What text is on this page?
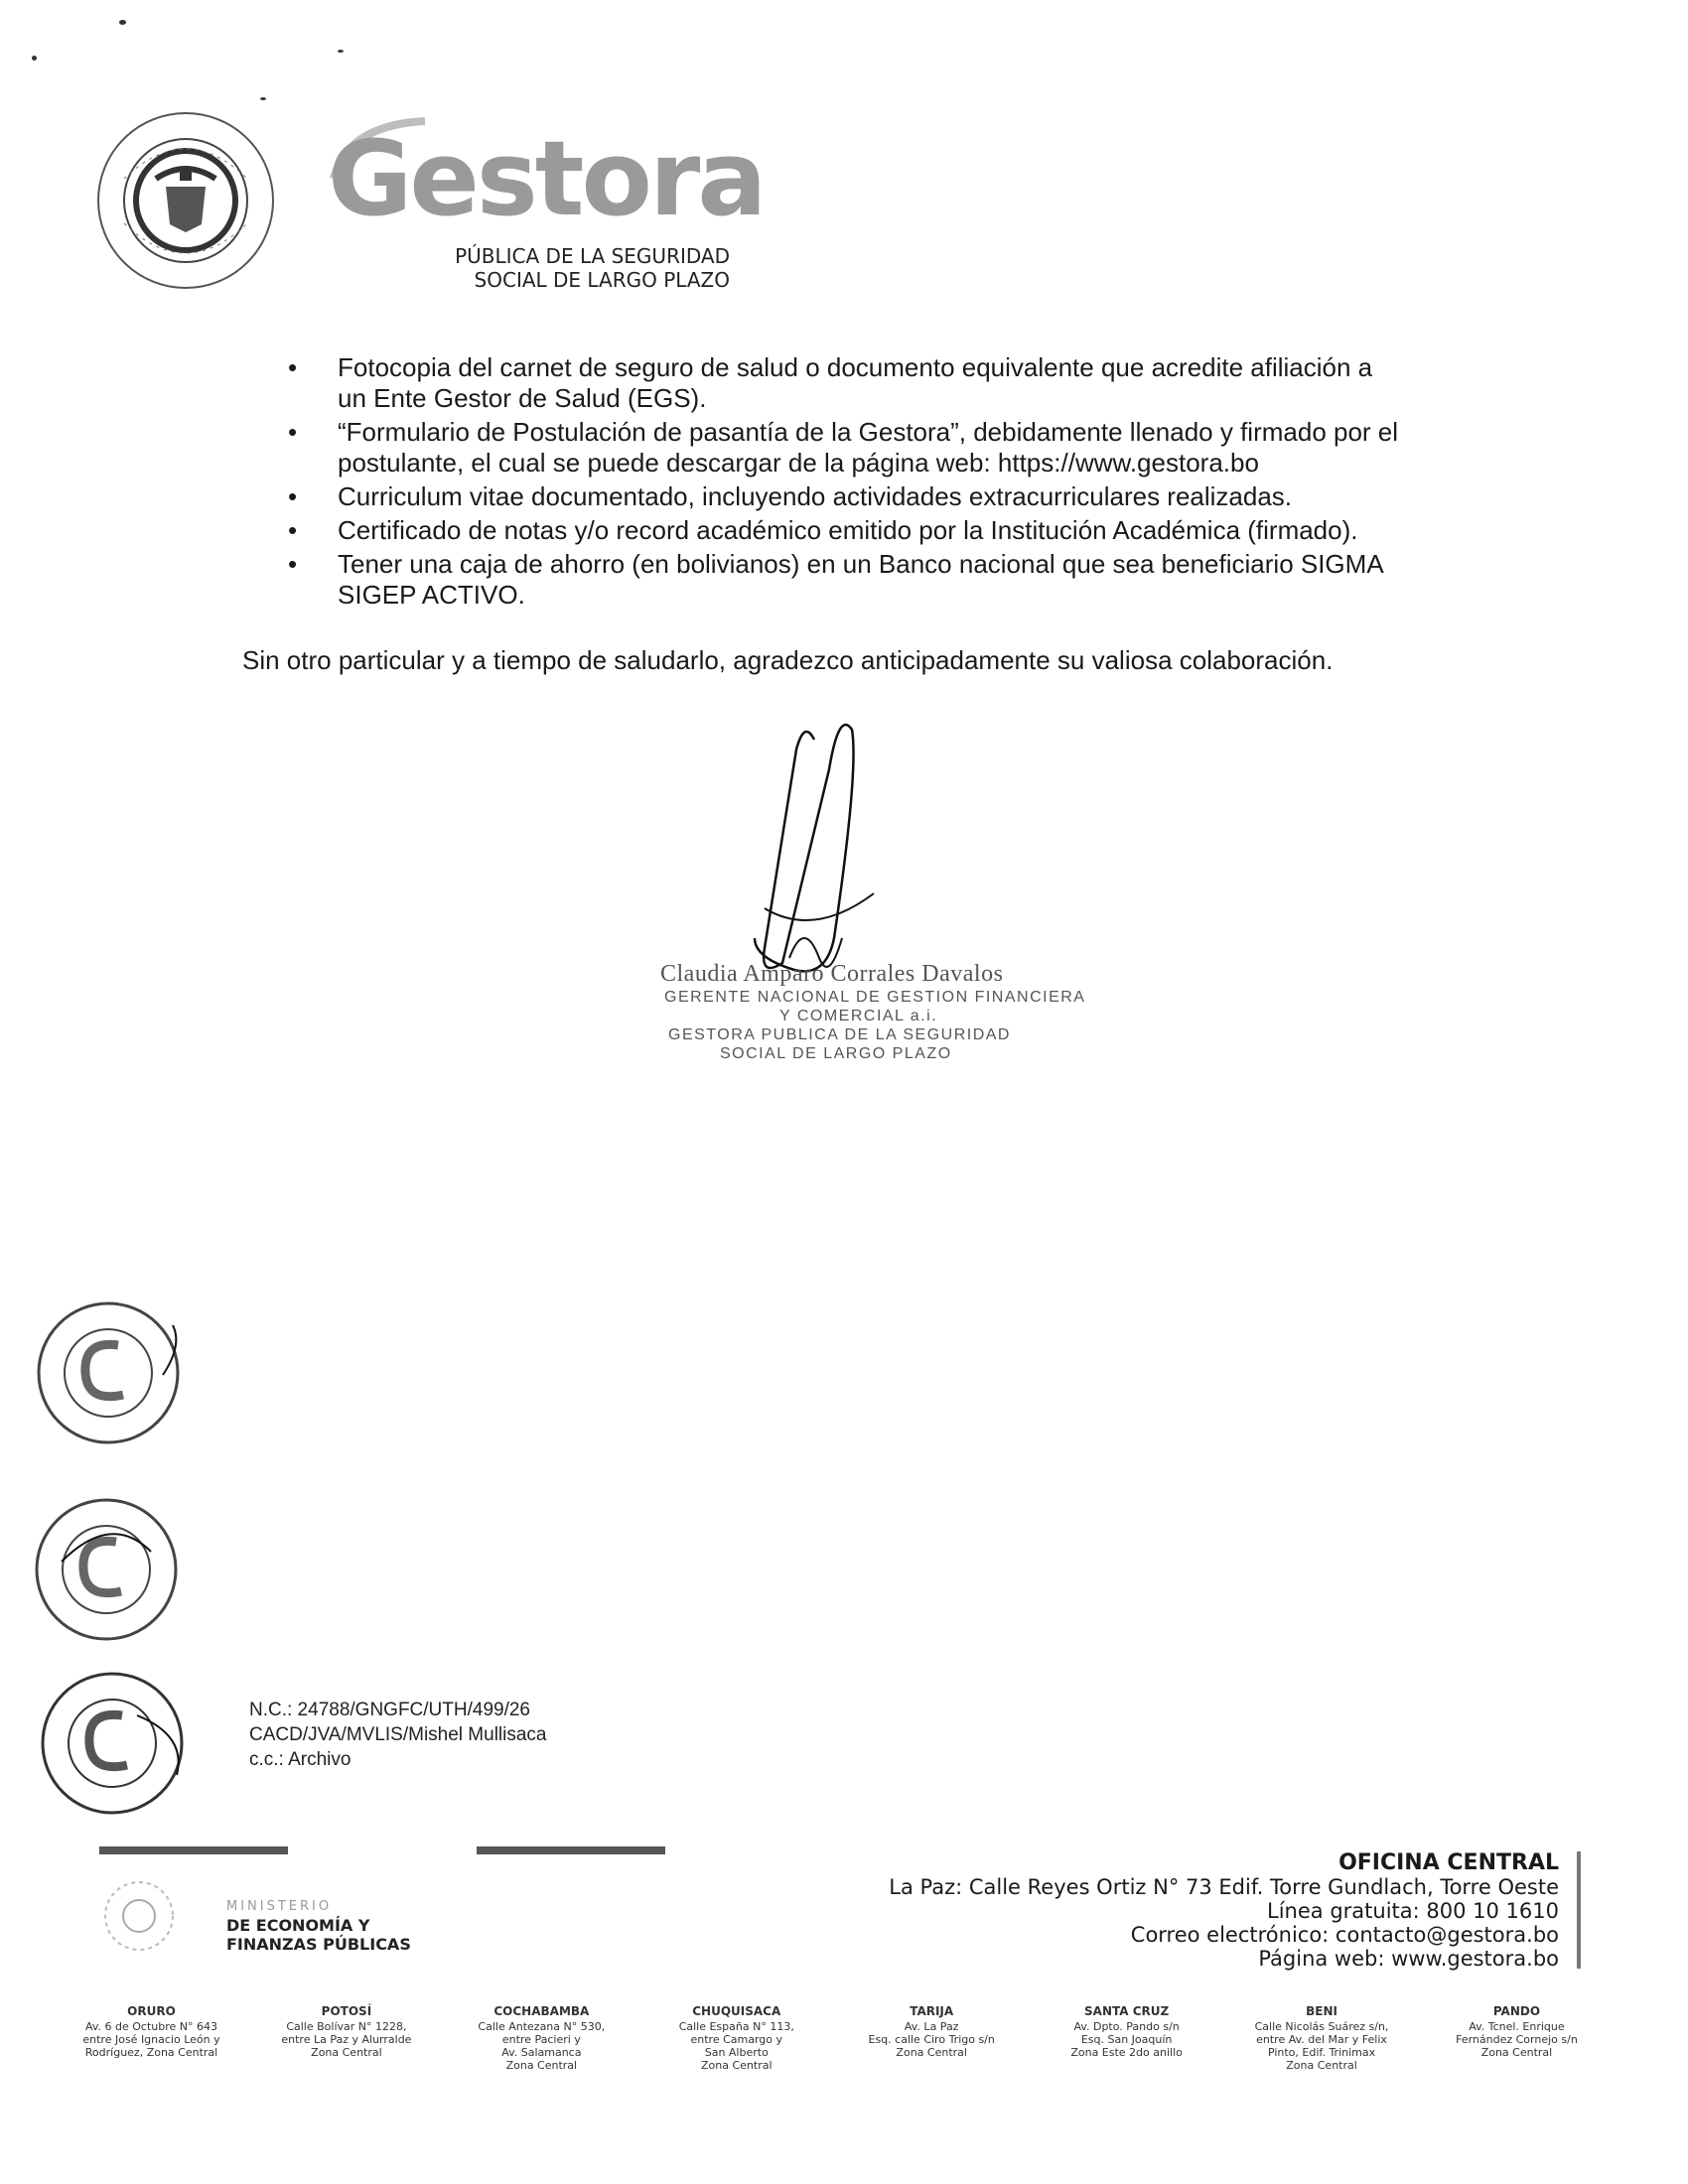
Gestora
PÚBLICA DE LA SEGURIDAD
SOCIAL DE LARGO PLAZO
• Fotocopia del carnet de seguro de salud o documento equivalente que acredite afiliación a
un Ente Gestor de Salud (EGS).
• “Formulario de Postulación de pasantía de la Gestora”, debidamente llenado y firmado por el
postulante, el cual se puede descargar de la página web: https://www.gestora.bo
• Curriculum vitae documentado, incluyendo actividades extracurriculares realizadas.
• Certificado de notas y/o record académico emitido por la Institución Académica (firmado).
• Tener una caja de ahorro (en bolivianos) en un Banco nacional que sea beneficiario SIGMA
SIGEP ACTIVO.
Sin otro particular y a tiempo de saludarlo, agradezco anticipadamente su valiosa colaboración.
Claudia Amparo Corrales Davalos
GERENTE NACIONAL DE GESTION FINANCIERA
Y COMERCIAL a.i.
GESTORA PUBLICA DE LA SEGURIDAD
SOCIAL DE LARGO PLAZO
N.C.: 24788/GNGFC/UTH/499/26
CACD/JVA/MVLIS/Mishel Mullisaca
c.c.: Archivo
MINISTERIO
DE ECONOMÍA Y
FINANZAS PÚBLICAS
OFICINA CENTRAL
La Paz: Calle Reyes Ortiz N° 73 Edif. Torre Gundlach, Torre Oeste
Línea gratuita: 800 10 1610
Correo electrónico: contacto@gestora.bo
Página web: www.gestora.bo
ORURO
Av. 6 de Octubre N° 643
entre José Ignacio León y
Rodríguez, Zona Central
POTOSÍ
Calle Bolívar N° 1228,
entre La Paz y Alurralde
Zona Central
COCHABAMBA
Calle Antezana N° 530,
entre Pacieri y
Av. Salamanca
Zona Central
CHUQUISACA
Calle España N° 113,
entre Camargo y
San Alberto
Zona Central
TARIJA
Av. La Paz
Esq. calle Ciro Trigo s/n
Zona Central
SANTA CRUZ
Av. Dpto. Pando s/n
Esq. San Joaquín
Zona Este 2do anillo
BENI
Calle Nicolás Suárez s/n,
entre Av. del Mar y Felix
Pinto, Edif. Trinimax
Zona Central
PANDO
Av. Tcnel. Enrique
Fernández Cornejo s/n
Zona Central
